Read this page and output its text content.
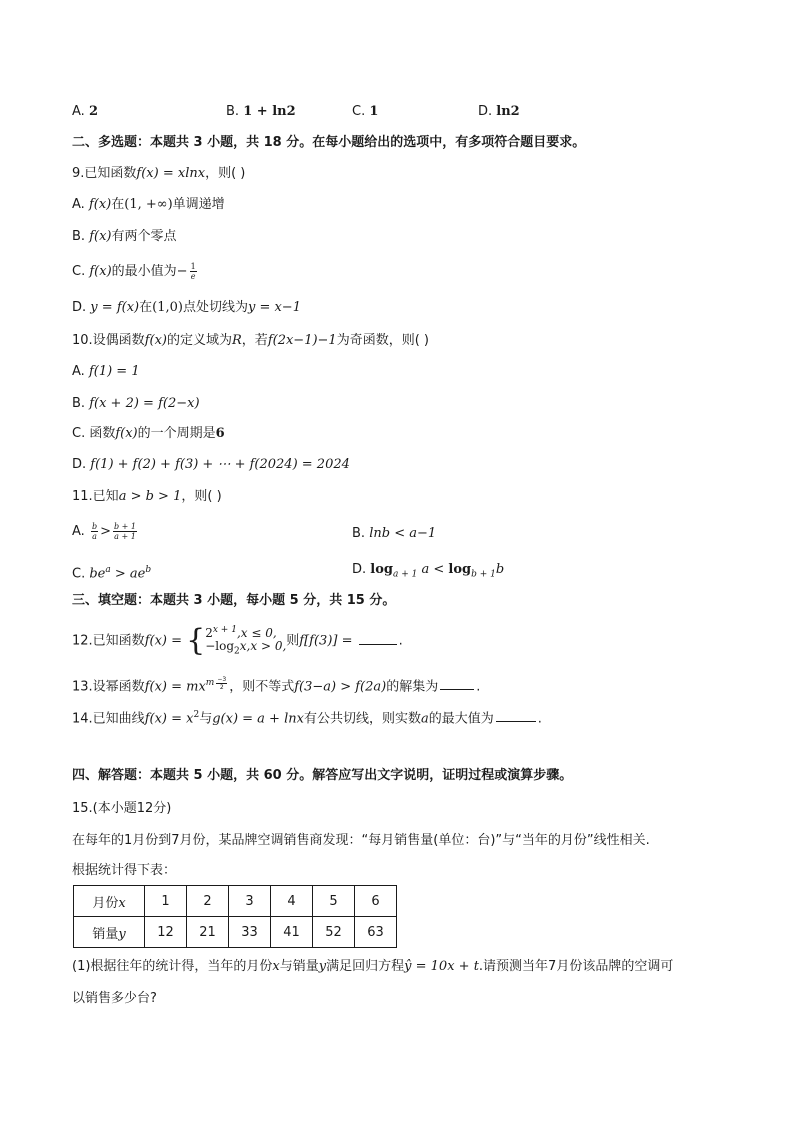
A. 2	B. 1 + ln2	C. 1	D. ln2
二、多选题：本题共 3 小题，共 18 分。在每小题给出的选项中，有多项符合题目要求。
9.已知函数f(x) = xlnx，则( )
A. f(x)在(1, +∞)单调递增
B. f(x)有两个零点
C. f(x)的最小值为− $\frac{1}{e}$
D. y = f(x)在(1,0)点处切线为y = x−1
10.设偶函数f(x)的定义域为R，若f(2x−1)−1为奇函数，则( )
A. f(1) = 1
B. f(x + 2) = f(2−x)
C. 函数f(x)的一个周期是6
D. f(1) + f(2) + f(3) + ⋯ + f(2024) = 2024
11.已知a > b > 1，则( )
A. $\frac{b}{a} > \frac{b + 1}{a + 1}$	B. lnb < a−1
C. $be^a > ae^b$	D. $\log_{a + 1} a < \log_{b + 1}b$
三、填空题：本题共 3 小题，每小题 5 分，共 15 分。
12.已知函数f(x) = { $2^{x + 1},x \le 0$,
$-\log_2x,x > 0$, 则f[f(3)] =	.
13.设幂函数$f(x) = mx^{m \frac{-3}{2}}$ ，则不等式f(3−a) > f(2a)的解集为	.
14.已知曲线$f(x) = x^2$与g(x) = a + lnx有公共切线，则实数a的最大值为	.
四、解答题：本题共 5 小题，共 60 分。解答应写出文字说明，证明过程或演算步骤。
15.(本小题12分)
在每年的1月份到7月份，某品牌空调销售商发现：“每月销售量(单位：台)”与“当年的月份”线性相关.
根据统计得下表：
月份x	1	2	3	4	5	6
销量y	12	21	33	41	52	63
(1)根据往年的统计得，当年的月份x与销量y满足回归方程ŷ = 10x + t.请预测当年7月份该品牌的空调可
以销售多少台?
